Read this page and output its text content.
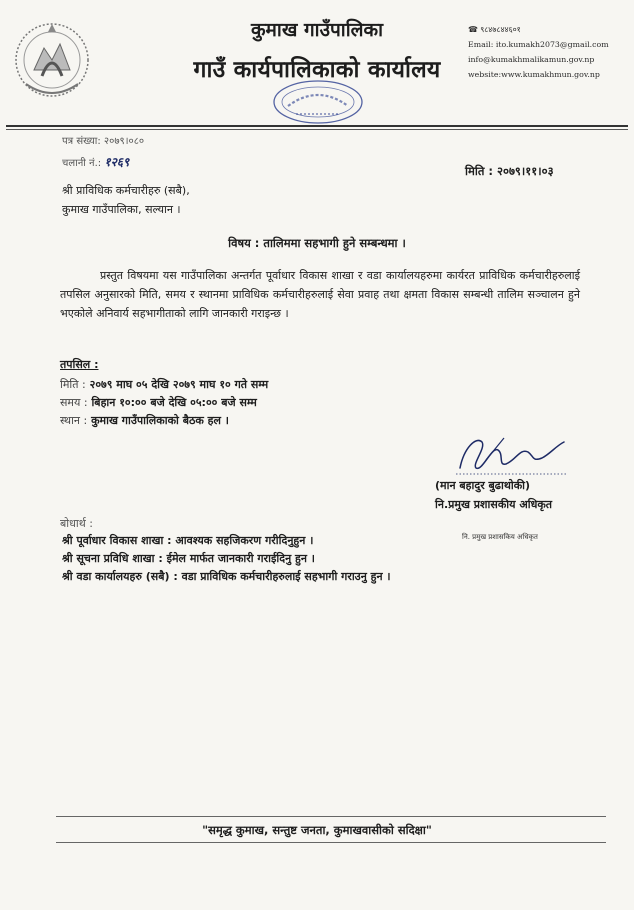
कुमाख गाउँपालिका
गाउँ कार्यपालिकाको कार्यालय
☎ ९८४७८४४६०१
Email: ito.kumakh2073@gmail.com
info@kumakhmalikamun.gov.np
website:www.kumakhmun.gov.np
पत्र संख्या: २०७९।०८०
चलानी नं.: १२६९
मिति : २०७९।११।०३
श्री प्राविधिक कर्मचारीहरु (सबै),
कुमाख गाउँपालिका, सल्यान ।
विषय : तालिममा सहभागी हुने सम्बन्धमा ।
प्रस्तुत विषयमा यस गाउँपालिका अन्तर्गत पूर्वाधार विकास शाखा र वडा कार्यालयहरुमा कार्यरत प्राविधिक कर्मचारीहरुलाई तपसिल अनुसारको मिति, समय र स्थानमा प्राविधिक कर्मचारीहरुलाई सेवा प्रवाह तथा क्षमता विकास सम्बन्धी तालिम सञ्चालन हुने भएकोले अनिवार्य सहभागीताको लागि जानकारी गराइन्छ ।
तपसिल :
मिति : २०७९ माघ ०५ देखि २०७९ माघ १० गते सम्म
समय : बिहान १०:०० बजे देखि ०५:०० बजे सम्म
स्थान : कुमाख गाउँपालिकाको बैठक हल ।
(मान बहादुर बुढाथोकी)
नि.प्रमुख प्रशासकीय अधिकृत
बोधार्थ :
श्री पूर्वाधार विकास शाखा : आवश्यक सहजिकरण गरीदिनुहुन ।
श्री सूचना प्रविधि शाखा : ईमेल मार्फत जानकारी गराईदिनु हुन ।
श्री वडा कार्यालयहरु (सबै) : वडा प्राविधिक कर्मचारीहरुलाई सहभागी गराउनु हुन ।
नि. प्रमुख प्रशासकिय अधिकृत
"समृद्ध कुमाख, सन्तुष्ट जनता, कुमाखवासीको सदिक्षा"
